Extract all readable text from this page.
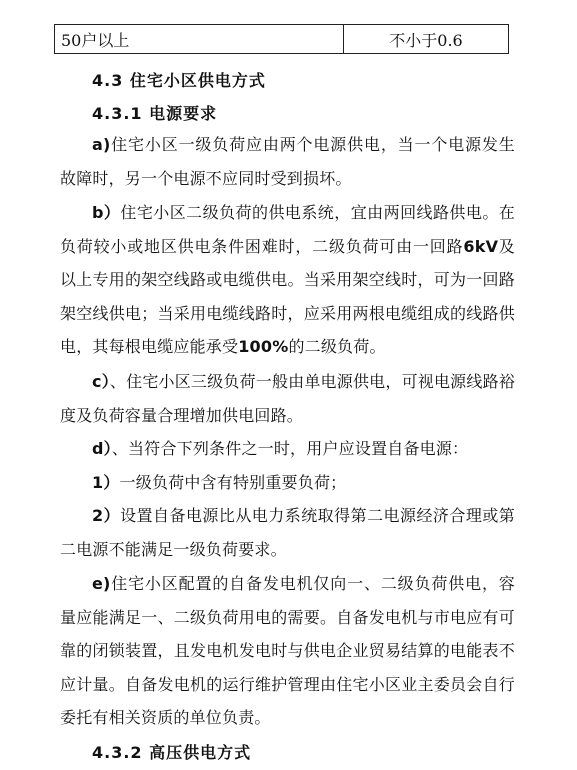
50户以上	不小于0.6
4.3 住宅小区供电方式
4.3.1 电源要求

a)住宅小区一级负荷应由两个电源供电，当一个电源发生故障时，另一个电源不应同时受到损坏。

b）住宅小区二级负荷的供电系统，宜由两回线路供电。在负荷较小或地区供电条件困难时，二级负荷可由一回路6kV及以上专用的架空线路或电缆供电。当采用架空线时，可为一回路架空线供电；当采用电缆线路时，应采用两根电缆组成的线路供电，其每根电缆应能承受100%的二级负荷。

c）、住宅小区三级负荷一般由单电源供电，可视电源线路裕度及负荷容量合理增加供电回路。

d）、当符合下列条件之一时，用户应设置自备电源：

1）一级负荷中含有特别重要负荷；

2）设置自备电源比从电力系统取得第二电源经济合理或第二电源不能满足一级负荷要求。

e)住宅小区配置的自备发电机仅向一、二级负荷供电，容量应能满足一、二级负荷用电的需要。自备发电机与市电应有可靠的闭锁装置，且发电机发电时与供电企业贸易结算的电能表不应计量。自备发电机的运行维护管理由住宅小区业主委员会自行委托有相关资质的单位负责。

4.3.2 高压供电方式
